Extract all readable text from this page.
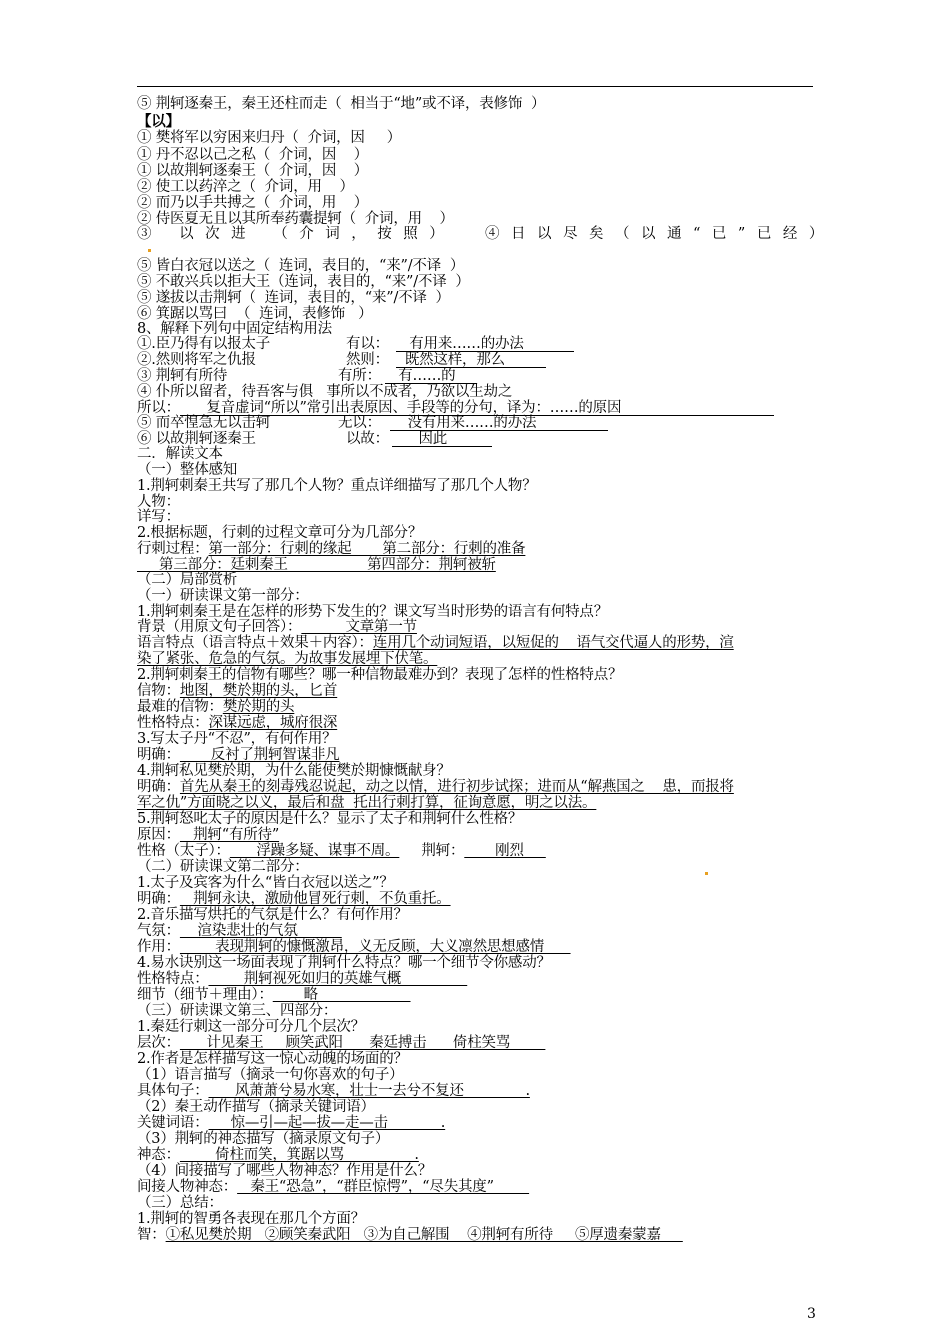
⑤ 荆轲逐秦王，秦王还柱而走（  相当于“地”或不译，表修饰  ）
【以】
① 樊将军以穷困来归丹（  介词，因     ）
① 丹不忍以己之私（  介词，因    ）
① 以故荆轲逐秦王（  介词，因    ）
② 使工以药淬之（  介词，用    ）
② 而乃以手共搏之（  介词，用    ）
② 侍医夏无且以其所奉药囊提轲（  介词，用    ）
③ 以次进 （介词，按照） ④日以尽矣（以通“已”已经）
⑤ 皆白衣冠以送之（  连词，表目的，“来”/不译  ）
⑤ 不敢兴兵以拒大王（连词，表目的，“来”/不译  ）
⑤ 遂拔以击荆轲（  连词，表目的，“来”/不译  ）
⑥ 箕踞以骂曰  （  连词，表修饰   ）
8、解释下列句中固定结构用法
①.臣乃得有以报太子	有以： 有用来……的办法
②.然则将军之仇报	然则： 既然这样，那么
③ 荆轲有所待	有所： 有……的
④ 仆所以留者，待吾客与俱   事所以不成者，乃欲以生劫之
所以： 复音虚词“所以”常引出表原因、手段等的分句，译为：……的原因
⑤ 而卒惶急无以击轲	无以： 没有用来……的办法
⑥ 以故荆轲逐秦王	以故： 因此
二．解读文本
（一）整体感知
1.荆轲刺秦王共写了那几个人物？重点详细描写了那几个人物？
人物：
详写：
2.根据标题，行刺的过程文章可分为几部分？
行刺过程：第一部分：行刺的缘起       第二部分：行刺的准备
第三部分：廷刺秦王                  第四部分：荆轲被斩
（二）局部赏析
（一）研读课文第一部分：
1.荆轲刺秦王是在怎样的形势下发生的？课文写当时形势的语言有何特点？
背景（用原文句子回答）：          文章第一节
语言特点（语言特点＋效果＋内容）：连用几个动词短语，以短促的    语气交代逼人的形势，渲
染了紧张、危急的气氛。为故事发展埋下伏笔。
2.荆轲刺秦王的信物有哪些？哪一种信物最难办到？表现了怎样的性格特点？
信物：地图，樊於期的头，匕首
最难的信物：樊於期的头
性格特点：深谋远虑，城府很深
3.写太子丹“不忍”，有何作用？
明确：       反衬了荆轲智谋非凡
4.荆轲私见樊於期，为什么能使樊於期慷慨献身？
明确：首先从秦王的刻毒残忍说起，动之以情，进行初步试探；进而从“解燕国之    患，而报将
军之仇”方面晓之以义，最后和盘  托出行刺打算，征询意愿，明之以法。
5.荆轲怒叱太子的原因是什么？显示了太子和荆轲什么性格？
原因：   荆轲“有所待”
性格（太子）：      浮躁多疑、谋事不周。     荆轲：       刚烈
（二）研读课文第二部分：
1.太子及宾客为什么“皆白衣冠以送之”？
明确：   荆轲永诀，激励他冒死行刺，不负重托。
2.音乐描写烘托的气氛是什么？有何作用？
气氛：    渲染悲壮的气氛
作用：        表现荆轲的慷慨激昂，义无反顾，大义凛然思想感情
4.易水诀别这一场面表现了荆轲什么特点？哪一个细节令你感动？
性格特点：        荆轲视死如归的英雄气概
细节（细节＋理由）：       略
（三）研读课文第三、四部分：
1.秦廷行刺这一部分可分几个层次？
层次：      计见秦王     顾笑武阳      秦廷搏击      倚柱笑骂
2.作者是怎样描写这一惊心动魄的场面的？
（1）语言描写（摘录一句你喜欢的句子）
具体句子：      风萧萧兮易水寒，壮士一去兮不复还              .
（2）秦王动作描写（摘录关键词语）
关键词语：     惊—引—起—拔—走—击            .
（3）荆轲的神态描写（摘录原文句子）
神态：        倚柱而笑，箕踞以骂                .
（4）间接描写了哪些人物神态？作用是什么？
间接人物神态：   秦王“恐急”，“群臣惊愕”，“尽失其度”
（三）总结：
1.荆轲的智勇各表现在那几个方面？
智：①私见樊於期   ②顾笑秦武阳   ③为自己解围    ④荆轲有所待     ⑤厚遗秦蒙嘉
3
